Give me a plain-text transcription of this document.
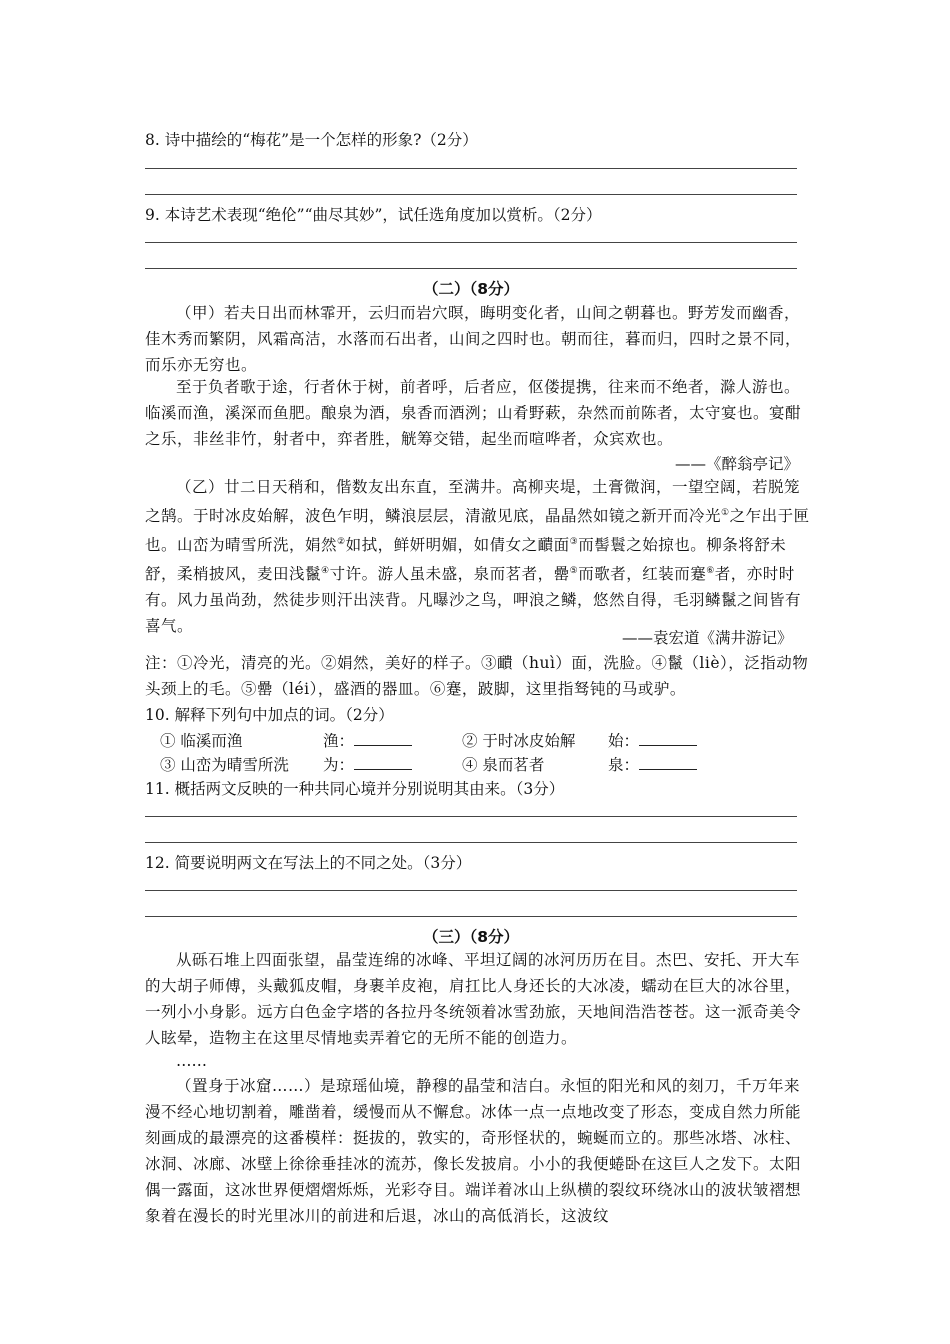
8. 诗中描绘的“梅花”是一个怎样的形象?（2分）
9. 本诗艺术表现“绝伦”“曲尽其妙”，试任选角度加以赏析。（2分）
（二）（8分）
（甲）若夫日出而林霏开，云归而岩穴暝，晦明变化者，山间之朝暮也。野芳发而幽香，佳木秀而繁阴，风霜高洁，水落而石出者，山间之四时也。朝而往，暮而归，四时之景不同，而乐亦无穷也。
至于负者歌于途，行者休于树，前者呼，后者应，伛偻提携，往来而不绝者，滁人游也。临溪而渔，溪深而鱼肥。酿泉为酒，泉香而酒洌；山肴野蔌，杂然而前陈者，太守宴也。宴酣之乐，非丝非竹，射者中，弈者胜，觥筹交错，起坐而喧哗者，众宾欢也。
——《醉翁亭记》
（乙）廿二日天稍和，偕数友出东直，至满井。高柳夹堤，土膏微润，一望空阔，若脱笼之鹄。于时冰皮始解，波色乍明，鳞浪层层，清澈见底，晶晶然如镜之新开而冷光①之乍出于匣也。山峦为晴雪所洗，娟然②如拭，鲜妍明媚，如倩女之靧面③而髻鬟之始掠也。柳条将舒未舒，柔梢披风，麦田浅鬣④寸许。游人虽未盛，泉而茗者，罍⑤而歌者，红装而蹇⑥者，亦时时有。风力虽尚劲，然徒步则汗出浃背。凡曝沙之鸟，呷浪之鳞，悠然自得，毛羽鳞鬣之间皆有喜气。
——袁宏道《满井游记》
注：①冷光，清亮的光。②娟然，美好的样子。③靧（huì）面，洗脸。④鬣（liè），泛指动物头颈上的毛。⑤罍（léi），盛酒的器皿。⑥蹇，跛脚，这里指驽钝的马或驴。
10. 解释下列句中加点的词。（2分）
① 临溪而渔	渔：	② 于时冰皮始解 始：
③ 山峦为晴雪所洗 为：	④ 泉而茗者	泉：
11. 概括两文反映的一种共同心境并分别说明其由来。（3分）
12. 简要说明两文在写法上的不同之处。（3分）
（三）（8分）
从砾石堆上四面张望，晶莹连绵的冰峰、平坦辽阔的冰河历历在目。杰巴、安托、开大车的大胡子师傅，头戴狐皮帽，身裹羊皮袍，肩扛比人身还长的大冰凌，蠕动在巨大的冰谷里，一列小小身影。远方白色金字塔的各拉丹冬统领着冰雪劲旅，天地间浩浩苍苍。这一派奇美令人眩晕，造物主在这里尽情地卖弄着它的无所不能的创造力。
……
（置身于冰窟……）是琼瑶仙境，静穆的晶莹和洁白。永恒的阳光和风的刻刀，千万年来漫不经心地切割着，雕凿着，缓慢而从不懈怠。冰体一点一点地改变了形态，变成自然力所能刻画成的最漂亮的这番模样：挺拔的，敦实的，奇形怪状的，蜿蜒而立的。那些冰塔、冰柱、冰洞、冰廊、冰壁上徐徐垂挂冰的流苏，像长发披肩。小小的我便蜷卧在这巨人之发下。太阳偶一露面，这冰世界便熠熠烁烁，光彩夺目。端详着冰山上纵横的裂纹环绕冰山的波状皱褶想象着在漫长的时光里冰川的前进和后退，冰山的高低消长，这波纹
